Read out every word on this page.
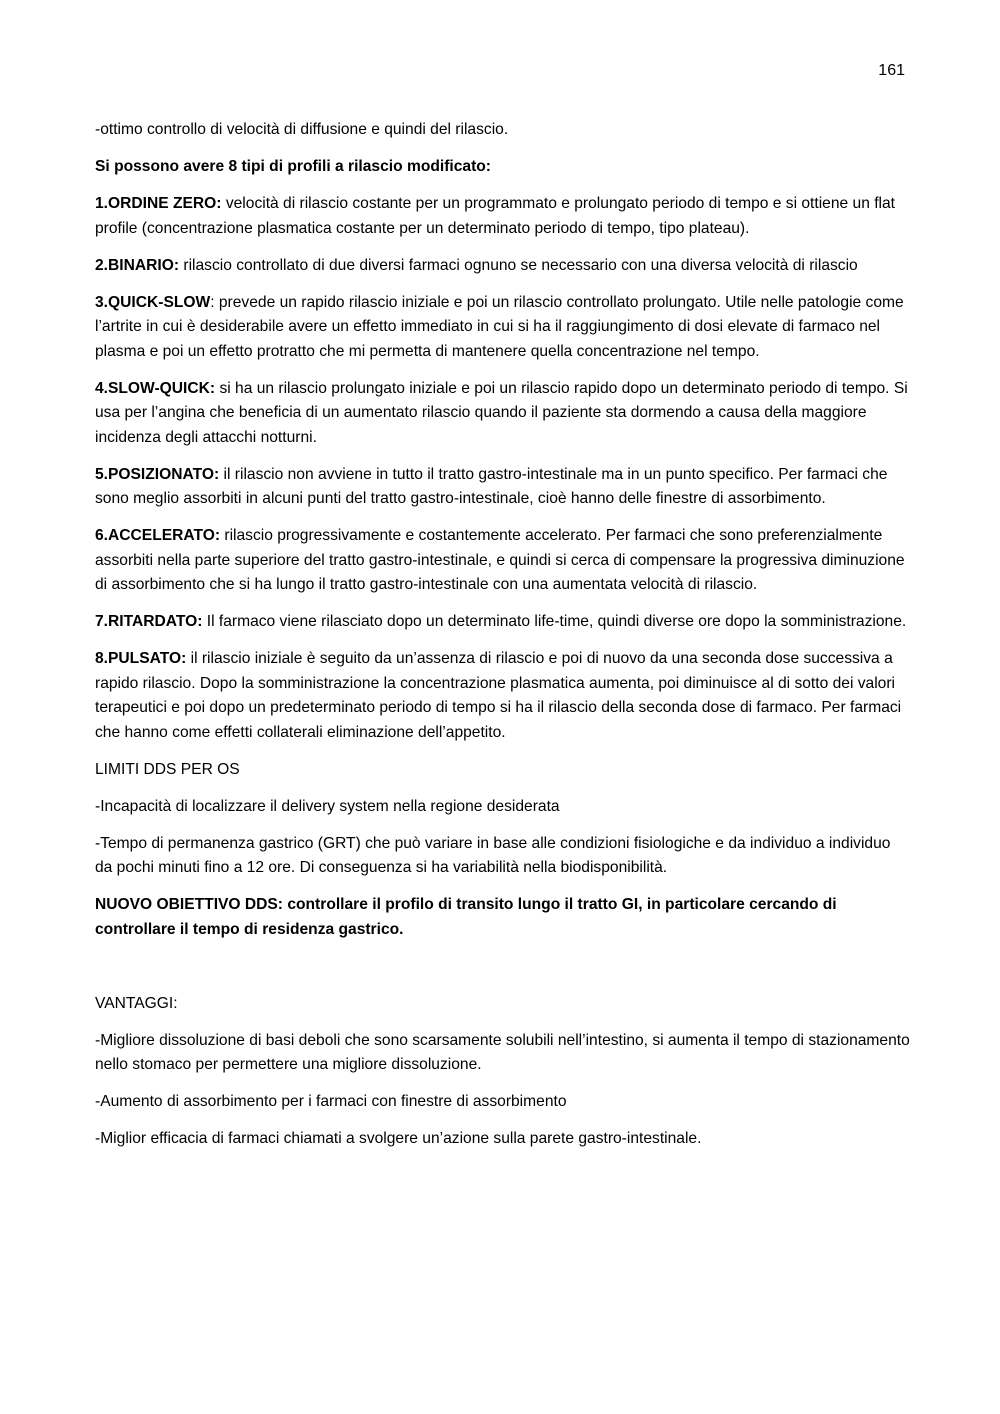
161

-ottimo controllo di velocità di diffusione e quindi del rilascio.

Si possono avere 8 tipi di profili a rilascio modificato:

1.ORDINE ZERO: velocità di rilascio costante per un programmato e prolungato periodo di tempo e si ottiene un flat profile (concentrazione plasmatica costante per un determinato periodo di tempo, tipo plateau).

2.BINARIO: rilascio controllato di due diversi farmaci ognuno se necessario con una diversa velocità di rilascio

3.QUICK-SLOW: prevede un rapido rilascio iniziale e poi un rilascio controllato prolungato. Utile nelle patologie come l’artrite in cui è desiderabile avere un effetto immediato in cui si ha il raggiungimento di dosi elevate di farmaco nel plasma e poi un effetto protratto che mi permetta di mantenere quella concentrazione nel tempo.

4.SLOW-QUICK: si ha un rilascio prolungato iniziale e poi un rilascio rapido dopo un determinato periodo di tempo. Si usa per l’angina che beneficia di un aumentato rilascio quando il paziente sta dormendo a causa della maggiore incidenza degli attacchi notturni.

5.POSIZIONATO: il rilascio non avviene in tutto il tratto gastro-intestinale ma in un punto specifico. Per farmaci che sono meglio assorbiti in alcuni punti del tratto gastro-intestinale, cioè hanno delle finestre di assorbimento.

6.ACCELERATO: rilascio progressivamente e costantemente accelerato. Per farmaci che sono preferenzialmente assorbiti nella parte superiore del tratto gastro-intestinale, e quindi si cerca di compensare la progressiva diminuzione di assorbimento che si ha lungo il tratto gastro-intestinale con una aumentata velocità di rilascio.

7.RITARDATO: Il farmaco viene rilasciato dopo un determinato life-time, quindi diverse ore dopo la somministrazione.

8.PULSATO: il rilascio iniziale è seguito da un’assenza di rilascio e poi di nuovo da una seconda dose successiva a rapido rilascio. Dopo la somministrazione la concentrazione plasmatica aumenta, poi diminuisce al di sotto dei valori terapeutici e poi dopo un predeterminato periodo di tempo si ha il rilascio della seconda dose di farmaco. Per farmaci che hanno come effetti collaterali eliminazione dell’appetito.

LIMITI DDS PER OS

-Incapacità di localizzare il delivery system nella regione desiderata

-Tempo di permanenza gastrico (GRT) che può variare in base alle condizioni fisiologiche e da individuo a individuo da pochi minuti fino a 12 ore. Di conseguenza si ha variabilità nella biodisponibilità.

NUOVO OBIETTIVO DDS: controllare il profilo di transito lungo il tratto GI, in particolare cercando di controllare il tempo di residenza gastrico.

VANTAGGI:

-Migliore dissoluzione di basi deboli che sono scarsamente solubili nell’intestino, si aumenta il tempo di stazionamento nello stomaco per permettere una migliore dissoluzione.

-Aumento di assorbimento per i farmaci con finestre di assorbimento

-Miglior efficacia di farmaci chiamati a svolgere un’azione sulla parete gastro-intestinale.
